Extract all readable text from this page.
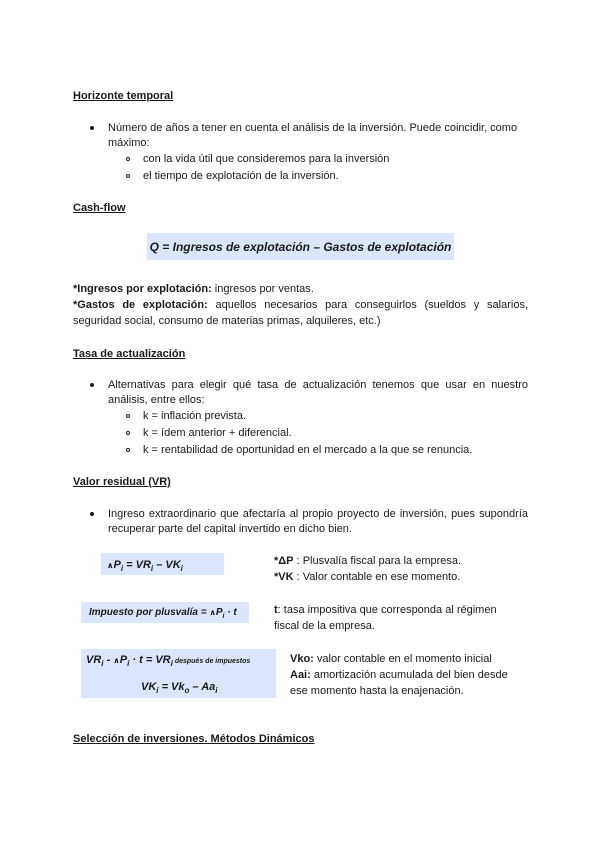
Horizonte temporal
Número de años a tener en cuenta el análisis de la inversión. Puede coincidir, como
máximo:
con la vida útil que consideremos para la inversión
el tiempo de explotación de la inversión.
Cash-flow
Q = Ingresos de explotación – Gastos de explotación
*Ingresos por explotación: ingresos por ventas.
*Gastos de explotación: aquellos necesarios para conseguirlos (sueldos y salarios,
seguridad social, consumo de materias primas, alquileres, etc.)
Tasa de actualización
Alternativas para elegir qué tasa de actualización tenemos que usar en nuestro
análisis, entre ellos:
k = inflación prevista.
k = ídem anterior + diferencial.
k = rentabilidad de oportunidad en el mercado a la que se renuncia.
Valor residual (VR)
Ingreso extraordinario que afectaría al propio proyecto de inversión, pues supondría
recuperar parte del capital invertido en dicho bien.
$\wedge P_i = VR_i - VK_i$
*ΔP : Plusvalía fiscal para la empresa.
*VK : Valor contable en ese momento.
Impuesto por plusvalía = $\wedge P_i \cdot t$	t: tasa impositiva que corresponda al régimen
fiscal de la empresa.
$VR_i$ - $\wedge P_i \cdot t = VR_i$ después de impuestos
$VK_i = Vk_o - Aa_i$
Vko: valor contable en el momento inicial
Aai: amortización acumulada del bien desde
ese momento hasta la enajenación.
Selección de inversiones. Métodos Dinámicos
